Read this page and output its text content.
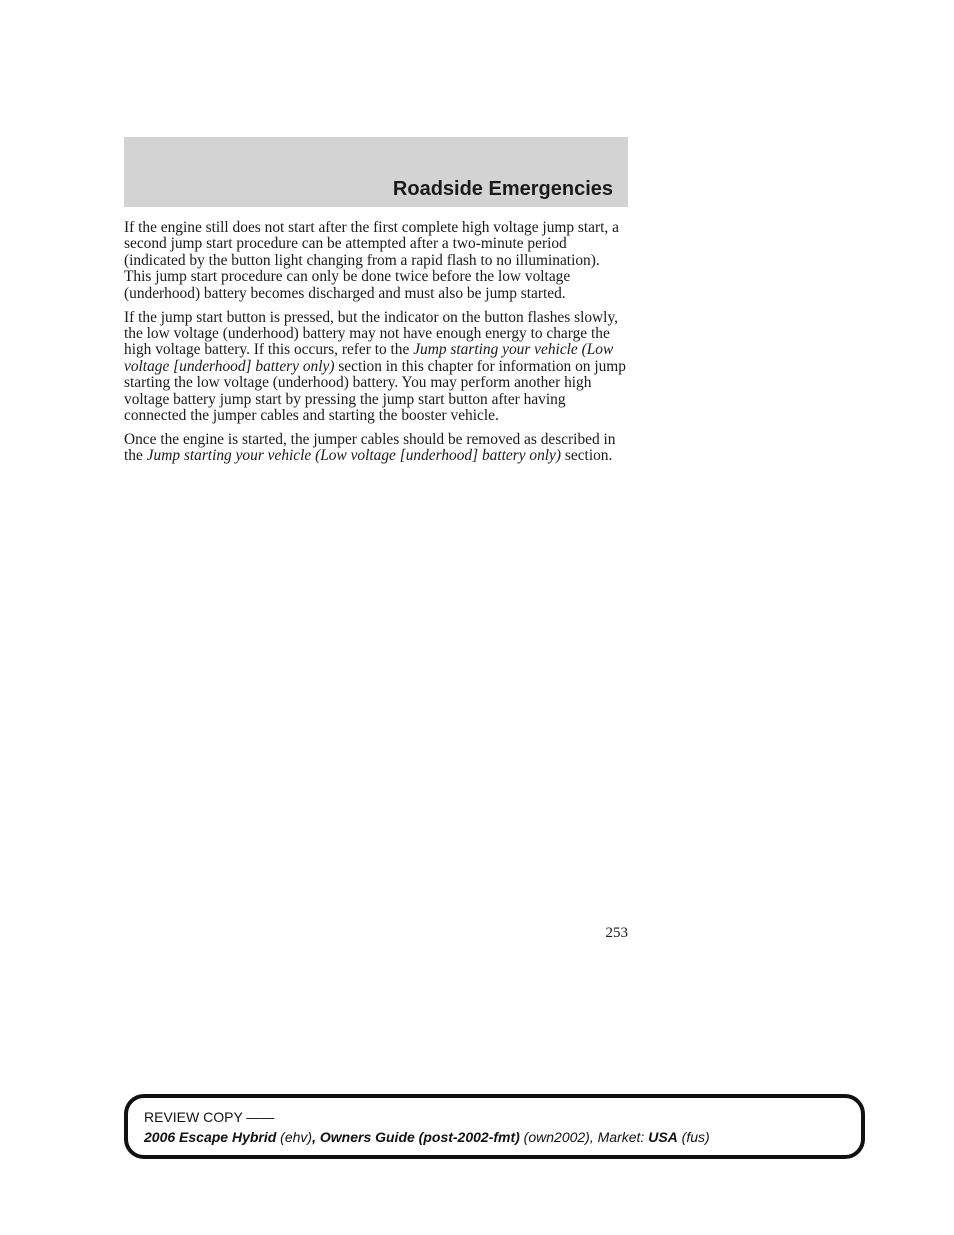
Roadside Emergencies

If the engine still does not start after the first complete high voltage jump start, a second jump start procedure can be attempted after a two-minute period (indicated by the button light changing from a rapid flash to no illumination). This jump start procedure can only be done twice before the low voltage (underhood) battery becomes discharged and must also be jump started.

If the jump start button is pressed, but the indicator on the button flashes slowly, the low voltage (underhood) battery may not have enough energy to charge the high voltage battery. If this occurs, refer to the Jump starting your vehicle (Low voltage [underhood] battery only) section in this chapter for information on jump starting the low voltage (underhood) battery. You may perform another high voltage battery jump start by pressing the jump start button after having connected the jumper cables and starting the booster vehicle.

Once the engine is started, the jumper cables should be removed as described in the Jump starting your vehicle (Low voltage [underhood] battery only) section.

253
REVIEW COPY ——
2006 Escape Hybrid (ehv), Owners Guide (post-2002-fmt) (own2002), Market: USA (fus)
